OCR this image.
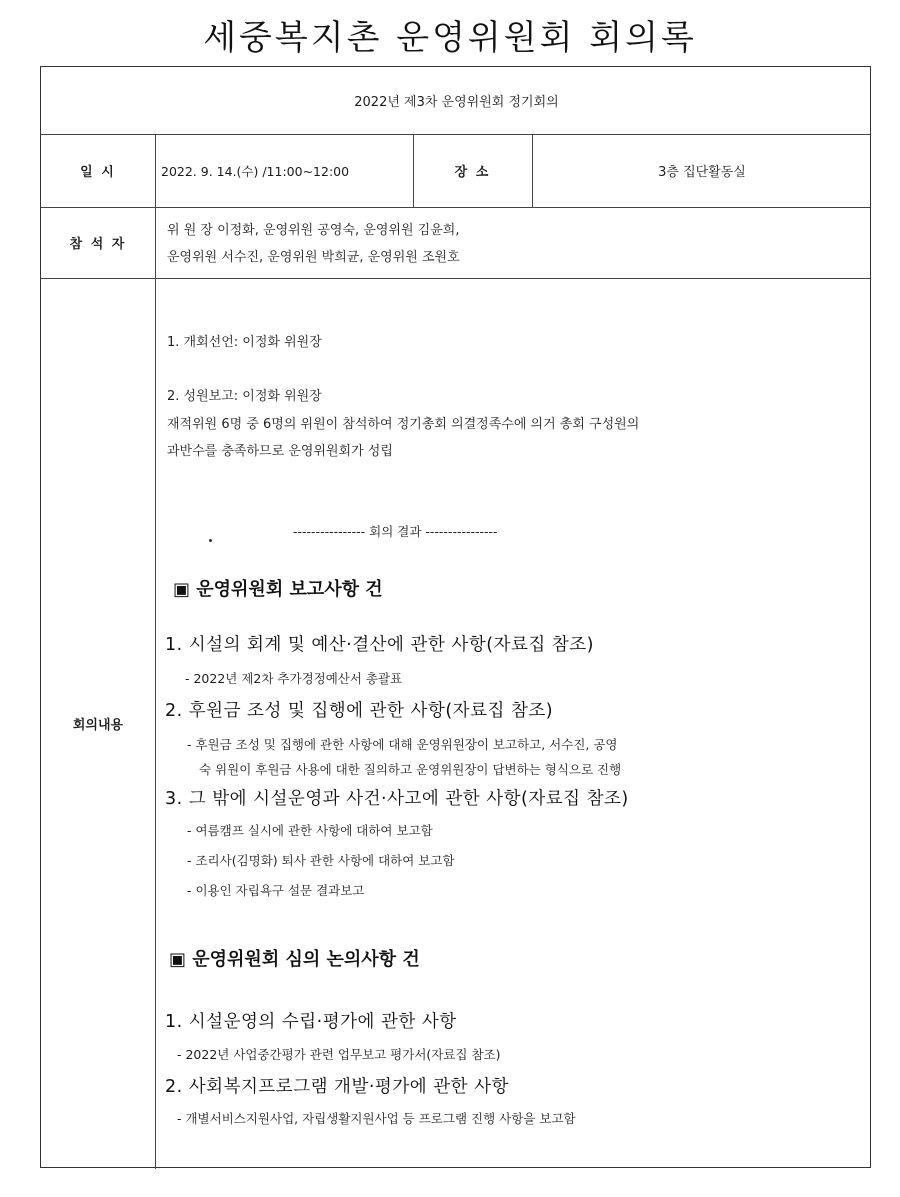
세중복지촌 운영위원회 회의록
2022년 제3차 운영위원회 정기회의
일 시	2022. 9. 14.(수) /11:00~12:00	장 소	3층 집단활동실
참 석 자
위 원 장 이정화, 운영위원 공영숙, 운영위원 김윤희,
운영위원 서수진, 운영위원 박희균, 운영위원 조원호
회의내용
1. 개회선언: 이정화 위원장
2. 성원보고: 이정화 위원장
재적위원 6명 중 6명의 위원이 참석하여 정기총회 의결정족수에 의거 총회 구성원의
과반수를 충족하므로 운영위원회가 성립
---------------- 회의 결과 ----------------
▣ 운영위원회 보고사항 건
1. 시설의 회계 및 예산·결산에 관한 사항(자료집 참조)
- 2022년 제2차 추가경정예산서 총괄표
2. 후원금 조성 및 집행에 관한 사항(자료집 참조)
- 후원금 조성 및 집행에 관한 사항에 대해 운영위원장이 보고하고, 서수진, 공영
숙 위원이 후원금 사용에 대한 질의하고 운영위원장이 답변하는 형식으로 진행
3. 그 밖에 시설운영과 사건·사고에 관한 사항(자료집 참조)
- 여름캠프 실시에 관한 사항에 대하여 보고함
- 조리사(김명화) 퇴사 관한 사항에 대하여 보고함
- 이용인 자립욕구 설문 결과보고
▣ 운영위원회 심의 논의사항 건
1. 시설운영의 수립·평가에 관한 사항
- 2022년 사업중간평가 관련 업무보고 평가서(자료집 참조)
2. 사회복지프로그램 개발·평가에 관한 사항
- 개별서비스지원사업, 자립생활지원사업 등 프로그램 진행 사항을 보고함
